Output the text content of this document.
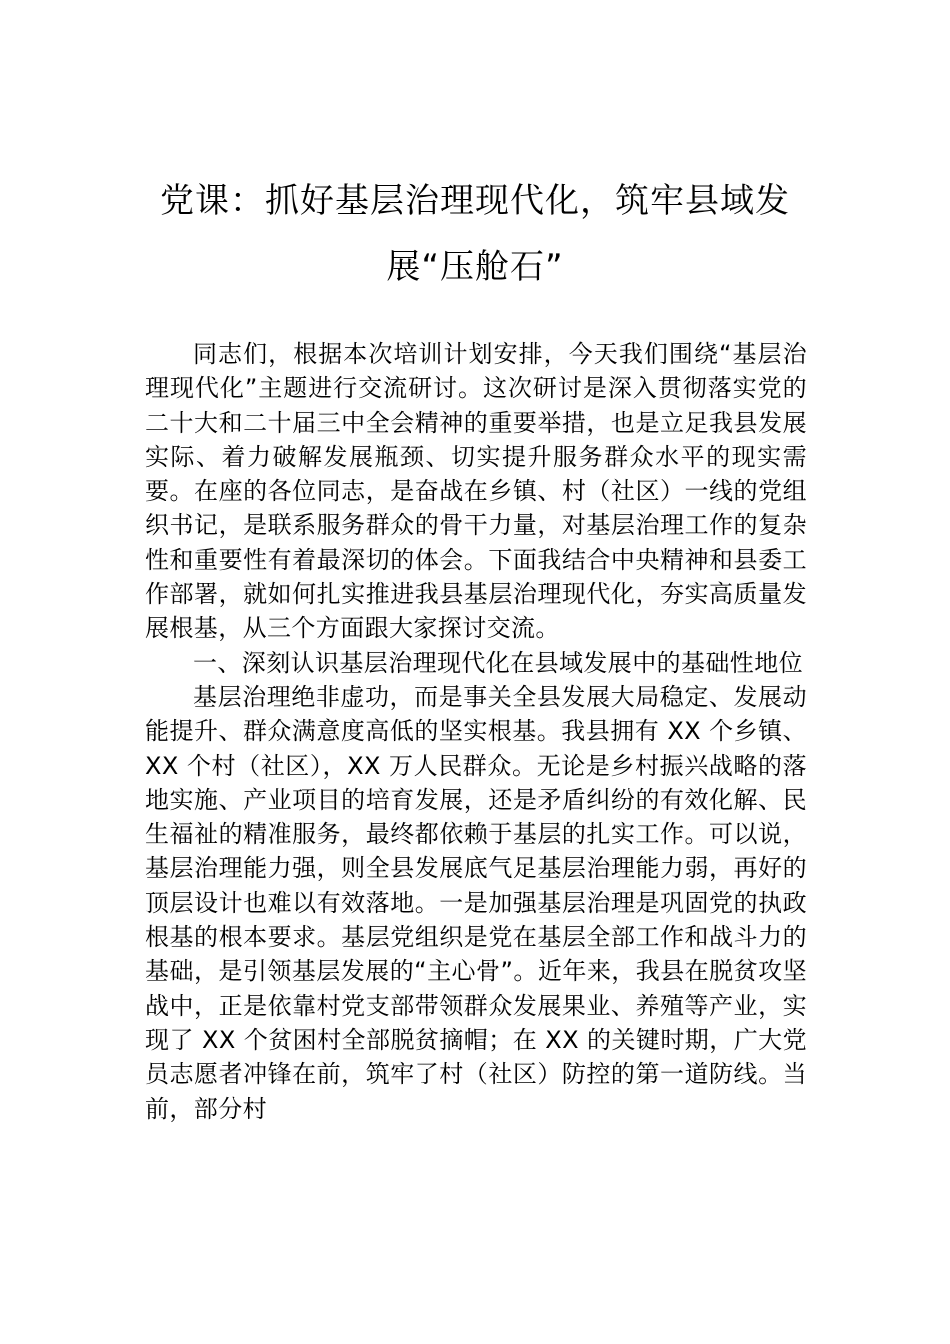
党课：抓好基层治理现代化，筑牢县域发
展“压舱石”

同志们，根据本次培训计划安排，今天我们围绕“基层治理现代化”主题进行交流研讨。这次研讨是深入贯彻落实党的二十大和二十届三中全会精神的重要举措，也是立足我县发展实际、着力破解发展瓶颈、切实提升服务群众水平的现实需要。在座的各位同志，是奋战在乡镇、村（社区）一线的党组织书记，是联系服务群众的骨干力量，对基层治理工作的复杂性和重要性有着最深切的体会。下面我结合中央精神和县委工作部署，就如何扎实推进我县基层治理现代化，夯实高质量发展根基，从三个方面跟大家探讨交流。

一、深刻认识基层治理现代化在县域发展中的基础性地位

基层治理绝非虚功，而是事关全县发展大局稳定、发展动能提升、群众满意度高低的坚实根基。我县拥有 XX 个乡镇、XX 个村（社区），XX 万人民群众。无论是乡村振兴战略的落地实施、产业项目的培育发展，还是矛盾纠纷的有效化解、民生福祉的精准服务，最终都依赖于基层的扎实工作。可以说，基层治理能力强，则全县发展底气足基层治理能力弱，再好的顶层设计也难以有效落地。一是加强基层治理是巩固党的执政根基的根本要求。基层党组织是党在基层全部工作和战斗力的基础，是引领基层发展的“主心骨”。近年来，我县在脱贫攻坚战中，正是依靠村党支部带领群众发展果业、养殖等产业，实现了 XX 个贫困村全部脱贫摘帽；在 XX 的关键时期，广大党员志愿者冲锋在前，筑牢了村（社区）防控的第一道防线。当前，部分村
